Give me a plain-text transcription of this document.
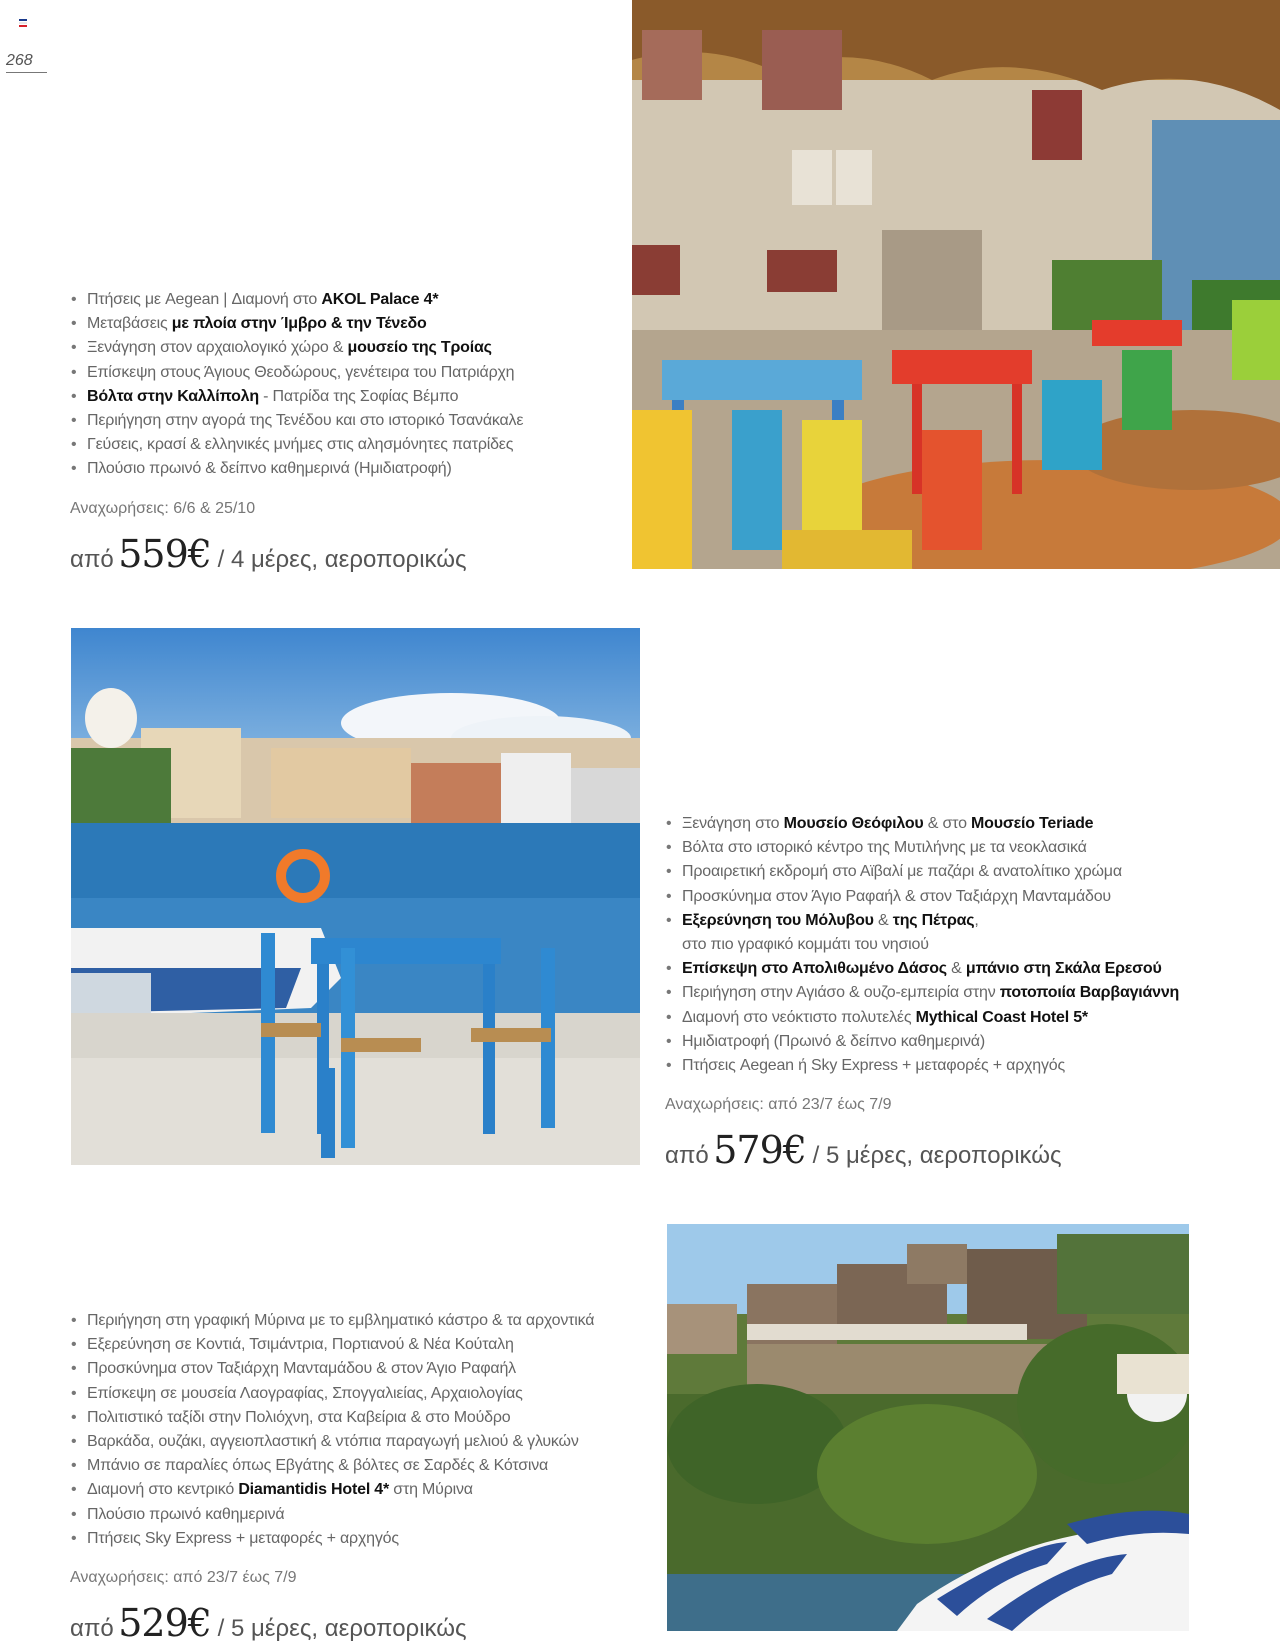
268
• Πτήσεις με Aegean | Διαμονή στο AKOL Palace 4*
• Μεταβάσεις με πλοία στην Ίμβρο & την Τένεδο
• Ξενάγηση στον αρχαιολογικό χώρο & μουσείο της Τροίας
• Επίσκεψη στους Άγιους Θεοδώρους, γενέτειρα του Πατριάρχη
• Βόλτα στην Καλλίπολη - Πατρίδα της Σοφίας Βέμπο
• Περιήγηση στην αγορά της Τενέδου και στο ιστορικό Τσανάκαλε
• Γεύσεις, κρασί & ελληνικές μνήμες στις αλησμόνητες πατρίδες
• Πλούσιο πρωινό & δείπνο καθημερινά (Ημιδιατροφή)
Αναχωρήσεις: 6/6 & 25/10
από 559€ / 4 μέρες, αεροπορικώς
• Ξενάγηση στο Μουσείο Θεόφιλου & στο Μουσείο Teriade
• Βόλτα στο ιστορικό κέντρο της Μυτιλήνης με τα νεοκλασικά
• Προαιρετική εκδρομή στο Αϊβαλί με παζάρι & ανατολίτικο χρώμα
• Προσκύνημα στον Άγιο Ραφαήλ & στον Ταξιάρχη Μανταμάδου
• Εξερεύνηση του Μόλυβου & της Πέτρας,
στο πιο γραφικό κομμάτι του νησιού
• Επίσκεψη στο Απολιθωμένο Δάσος & μπάνιο στη Σκάλα Ερεσού
• Περιήγηση στην Αγιάσο & ουζο-εμπειρία στην ποτοποιία Βαρβαγιάννη
• Διαμονή στο νεόκτιστο πολυτελές Mythical Coast Hotel 5*
• Ημιδιατροφή (Πρωινό & δείπνο καθημερινά)
• Πτήσεις Aegean ή Sky Express + μεταφορές + αρχηγός
Αναχωρήσεις: από 23/7 έως 7/9
από 579€ / 5 μέρες, αεροπορικώς
• Περιήγηση στη γραφική Μύρινα με το εμβληματικό κάστρο & τα αρχοντικά
• Εξερεύνηση σε Κοντιά, Τσιμάντρια, Πορτιανού & Νέα Κούταλη
• Προσκύνημα στον Ταξιάρχη Μανταμάδου & στον Άγιο Ραφαήλ
• Επίσκεψη σε μουσεία Λαογραφίας, Σπογγαλιείας, Αρχαιολογίας
• Πολιτιστικό ταξίδι στην Πολιόχνη, στα Καβείρια & στο Μούδρο
• Βαρκάδα, ουζάκι, αγγειοπλαστική & ντόπια παραγωγή μελιού & γλυκών
• Μπάνιο σε παραλίες όπως Εβγάτης & βόλτες σε Σαρδές & Κότσινα
• Διαμονή στο κεντρικό Diamantidis Hotel 4* στη Μύρινα
• Πλούσιο πρωινό καθημερινά
• Πτήσεις Sky Express + μεταφορές + αρχηγός
Αναχωρήσεις: από 23/7 έως 7/9
από 529€ / 5 μέρες, αεροπορικώς
